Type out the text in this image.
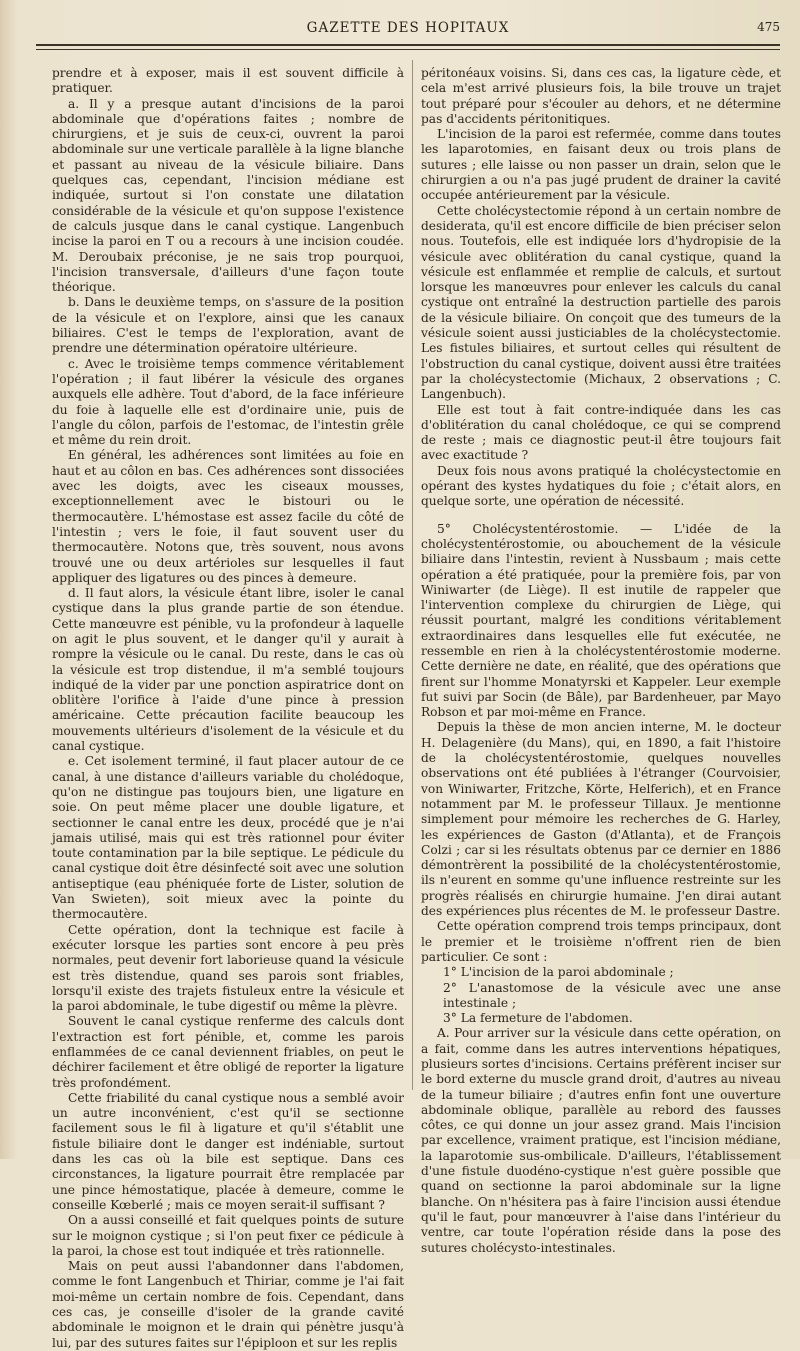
GAZETTE DES HOPITAUX	475

prendre et à exposer, mais il est souvent difficile à pratiquer.

a. Il y a presque autant d'incisions de la paroi abdominale que d'opérations faites ; nombre de chirurgiens, et je suis de ceux-ci, ouvrent la paroi abdominale sur une verticale parallèle à la ligne blanche et passant au niveau de la vésicule biliaire. Dans quelques cas, cependant, l'incision médiane est indiquée, surtout si l'on constate une dilatation considérable de la vésicule et qu'on suppose l'existence de calculs jusque dans le canal cystique. Langenbuch incise la paroi en T ou a recours à une incision coudée. M. Deroubaix préconise, je ne sais trop pourquoi, l'incision transversale, d'ailleurs d'une façon toute théorique.

b. Dans le deuxième temps, on s'assure de la position de la vésicule et on l'explore, ainsi que les canaux biliaires. C'est le temps de l'exploration, avant de prendre une détermination opératoire ultérieure.

c. Avec le troisième temps commence véritablement l'opération ; il faut libérer la vésicule des organes auxquels elle adhère. Tout d'abord, de la face inférieure du foie à laquelle elle est d'ordinaire unie, puis de l'angle du côlon, parfois de l'estomac, de l'intestin grêle et même du rein droit.

En général, les adhérences sont limitées au foie en haut et au côlon en bas. Ces adhérences sont dissociées avec les doigts, avec les ciseaux mousses, exceptionnellement avec le bistouri ou le thermocautère. L'hémostase est assez facile du côté de l'intestin ; vers le foie, il faut souvent user du thermocautère. Notons que, très souvent, nous avons trouvé une ou deux artérioles sur lesquelles il faut appliquer des ligatures ou des pinces à demeure.

d. Il faut alors, la vésicule étant libre, isoler le canal cystique dans la plus grande partie de son étendue. Cette manœuvre est pénible, vu la profondeur à laquelle on agit le plus souvent, et le danger qu'il y aurait à rompre la vésicule ou le canal. Du reste, dans le cas où la vésicule est trop distendue, il m'a semblé toujours indiqué de la vider par une ponction aspiratrice dont on oblitère l'orifice à l'aide d'une pince à pression américaine. Cette précaution facilite beaucoup les mouvements ultérieurs d'isolement de la vésicule et du canal cystique.

e. Cet isolement terminé, il faut placer autour de ce canal, à une distance d'ailleurs variable du cholédoque, qu'on ne distingue pas toujours bien, une ligature en soie. On peut même placer une double ligature, et sectionner le canal entre les deux, procédé que je n'ai jamais utilisé, mais qui est très rationnel pour éviter toute contamination par la bile septique. Le pédicule du canal cystique doit être désinfecté soit avec une solution antiseptique (eau phéniquée forte de Lister, solution de Van Swieten), soit mieux avec la pointe du thermocautère.

Cette opération, dont la technique est facile à exécuter lorsque les parties sont encore à peu près normales, peut devenir fort laborieuse quand la vésicule est très distendue, quand ses parois sont friables, lorsqu'il existe des trajets fistuleux entre la vésicule et la paroi abdominale, le tube digestif ou même la plèvre.

Souvent le canal cystique renferme des calculs dont l'extraction est fort pénible, et, comme les parois enflammées de ce canal deviennent friables, on peut le déchirer facilement et être obligé de reporter la ligature très profondément.

Cette friabilité du canal cystique nous a semblé avoir un autre inconvénient, c'est qu'il se sectionne facilement sous le fil à ligature et qu'il s'établit une fistule biliaire dont le danger est indéniable, surtout dans les cas où la bile est septique. Dans ces circonstances, la ligature pourrait être remplacée par une pince hémostatique, placée à demeure, comme le conseille Kœberlé ; mais ce moyen serait-il suffisant ?

On a aussi conseillé et fait quelques points de suture sur le moignon cystique ; si l'on peut fixer ce pédicule à la paroi, la chose est tout indiquée et très rationnelle.

Mais on peut aussi l'abandonner dans l'abdomen, comme le font Langenbuch et Thiriar, comme je l'ai fait moi-même un certain nombre de fois. Cependant, dans ces cas, je conseille d'isoler de la grande cavité abdominale le moignon et le drain qui pénètre jusqu'à lui, par des sutures faites sur l'épiploon et sur les replis

péritonéaux voisins. Si, dans ces cas, la ligature cède, et cela m'est arrivé plusieurs fois, la bile trouve un trajet tout préparé pour s'écouler au dehors, et ne détermine pas d'accidents péritonitiques.

L'incision de la paroi est refermée, comme dans toutes les laparotomies, en faisant deux ou trois plans de sutures ; elle laisse ou non passer un drain, selon que le chirurgien a ou n'a pas jugé prudent de drainer la cavité occupée antérieurement par la vésicule.

Cette cholécystectomie répond à un certain nombre de desiderata, qu'il est encore difficile de bien préciser selon nous. Toutefois, elle est indiquée lors d'hydropisie de la vésicule avec oblitération du canal cystique, quand la vésicule est enflammée et remplie de calculs, et surtout lorsque les manœuvres pour enlever les calculs du canal cystique ont entraîné la destruction partielle des parois de la vésicule biliaire. On conçoit que des tumeurs de la vésicule soient aussi justiciables de la cholécystectomie. Les fistules biliaires, et surtout celles qui résultent de l'obstruction du canal cystique, doivent aussi être traitées par la cholécystectomie (Michaux, 2 observations ; C. Langenbuch).

Elle est tout à fait contre-indiquée dans les cas d'oblitération du canal cholédoque, ce qui se comprend de reste ; mais ce diagnostic peut-il être toujours fait avec exactitude ?

Deux fois nous avons pratiqué la cholécystectomie en opérant des kystes hydatiques du foie ; c'était alors, en quelque sorte, une opération de nécessité.

5° Cholécystentérostomie. — L'idée de la cholécystentérostomie, ou abouchement de la vésicule biliaire dans l'intestin, revient à Nussbaum ; mais cette opération a été pratiquée, pour la première fois, par von Winiwarter (de Liège). Il est inutile de rappeler que l'intervention complexe du chirurgien de Liège, qui réussit pourtant, malgré les conditions véritablement extraordinaires dans lesquelles elle fut exécutée, ne ressemble en rien à la cholécystentérostomie moderne. Cette dernière ne date, en réalité, que des opérations que firent sur l'homme Monatyrski et Kappeler. Leur exemple fut suivi par Socin (de Bâle), par Bardenheuer, par Mayo Robson et par moi-même en France.

Depuis la thèse de mon ancien interne, M. le docteur H. Delagenière (du Mans), qui, en 1890, a fait l'histoire de la cholécystentérostomie, quelques nouvelles observations ont été publiées à l'étranger (Courvoisier, von Winiwarter, Fritzche, Körte, Helferich), et en France notamment par M. le professeur Tillaux. Je mentionne simplement pour mémoire les recherches de G. Harley, les expériences de Gaston (d'Atlanta), et de François Colzi ; car si les résultats obtenus par ce dernier en 1886 démontrèrent la possibilité de la cholécystentérostomie, ils n'eurent en somme qu'une influence restreinte sur les progrès réalisés en chirurgie humaine. J'en dirai autant des expériences plus récentes de M. le professeur Dastre.

Cette opération comprend trois temps principaux, dont le premier et le troisième n'offrent rien de bien particulier. Ce sont :

1° L'incision de la paroi abdominale ;

2° L'anastomose de la vésicule avec une anse intestinale ;

3° La fermeture de l'abdomen.

A. Pour arriver sur la vésicule dans cette opération, on a fait, comme dans les autres interventions hépatiques, plusieurs sortes d'incisions. Certains préfèrent inciser sur le bord externe du muscle grand droit, d'autres au niveau de la tumeur biliaire ; d'autres enfin font une ouverture abdominale oblique, parallèle au rebord des fausses côtes, ce qui donne un jour assez grand. Mais l'incision par excellence, vraiment pratique, est l'incision médiane, la laparotomie sus-ombilicale. D'ailleurs, l'établissement d'une fistule duodéno-cystique n'est guère possible que quand on sectionne la paroi abdominale sur la ligne blanche. On n'hésitera pas à faire l'incision aussi étendue qu'il le faut, pour manœuvrer à l'aise dans l'intérieur du ventre, car toute l'opération réside dans la pose des sutures cholécysto-intestinales.
